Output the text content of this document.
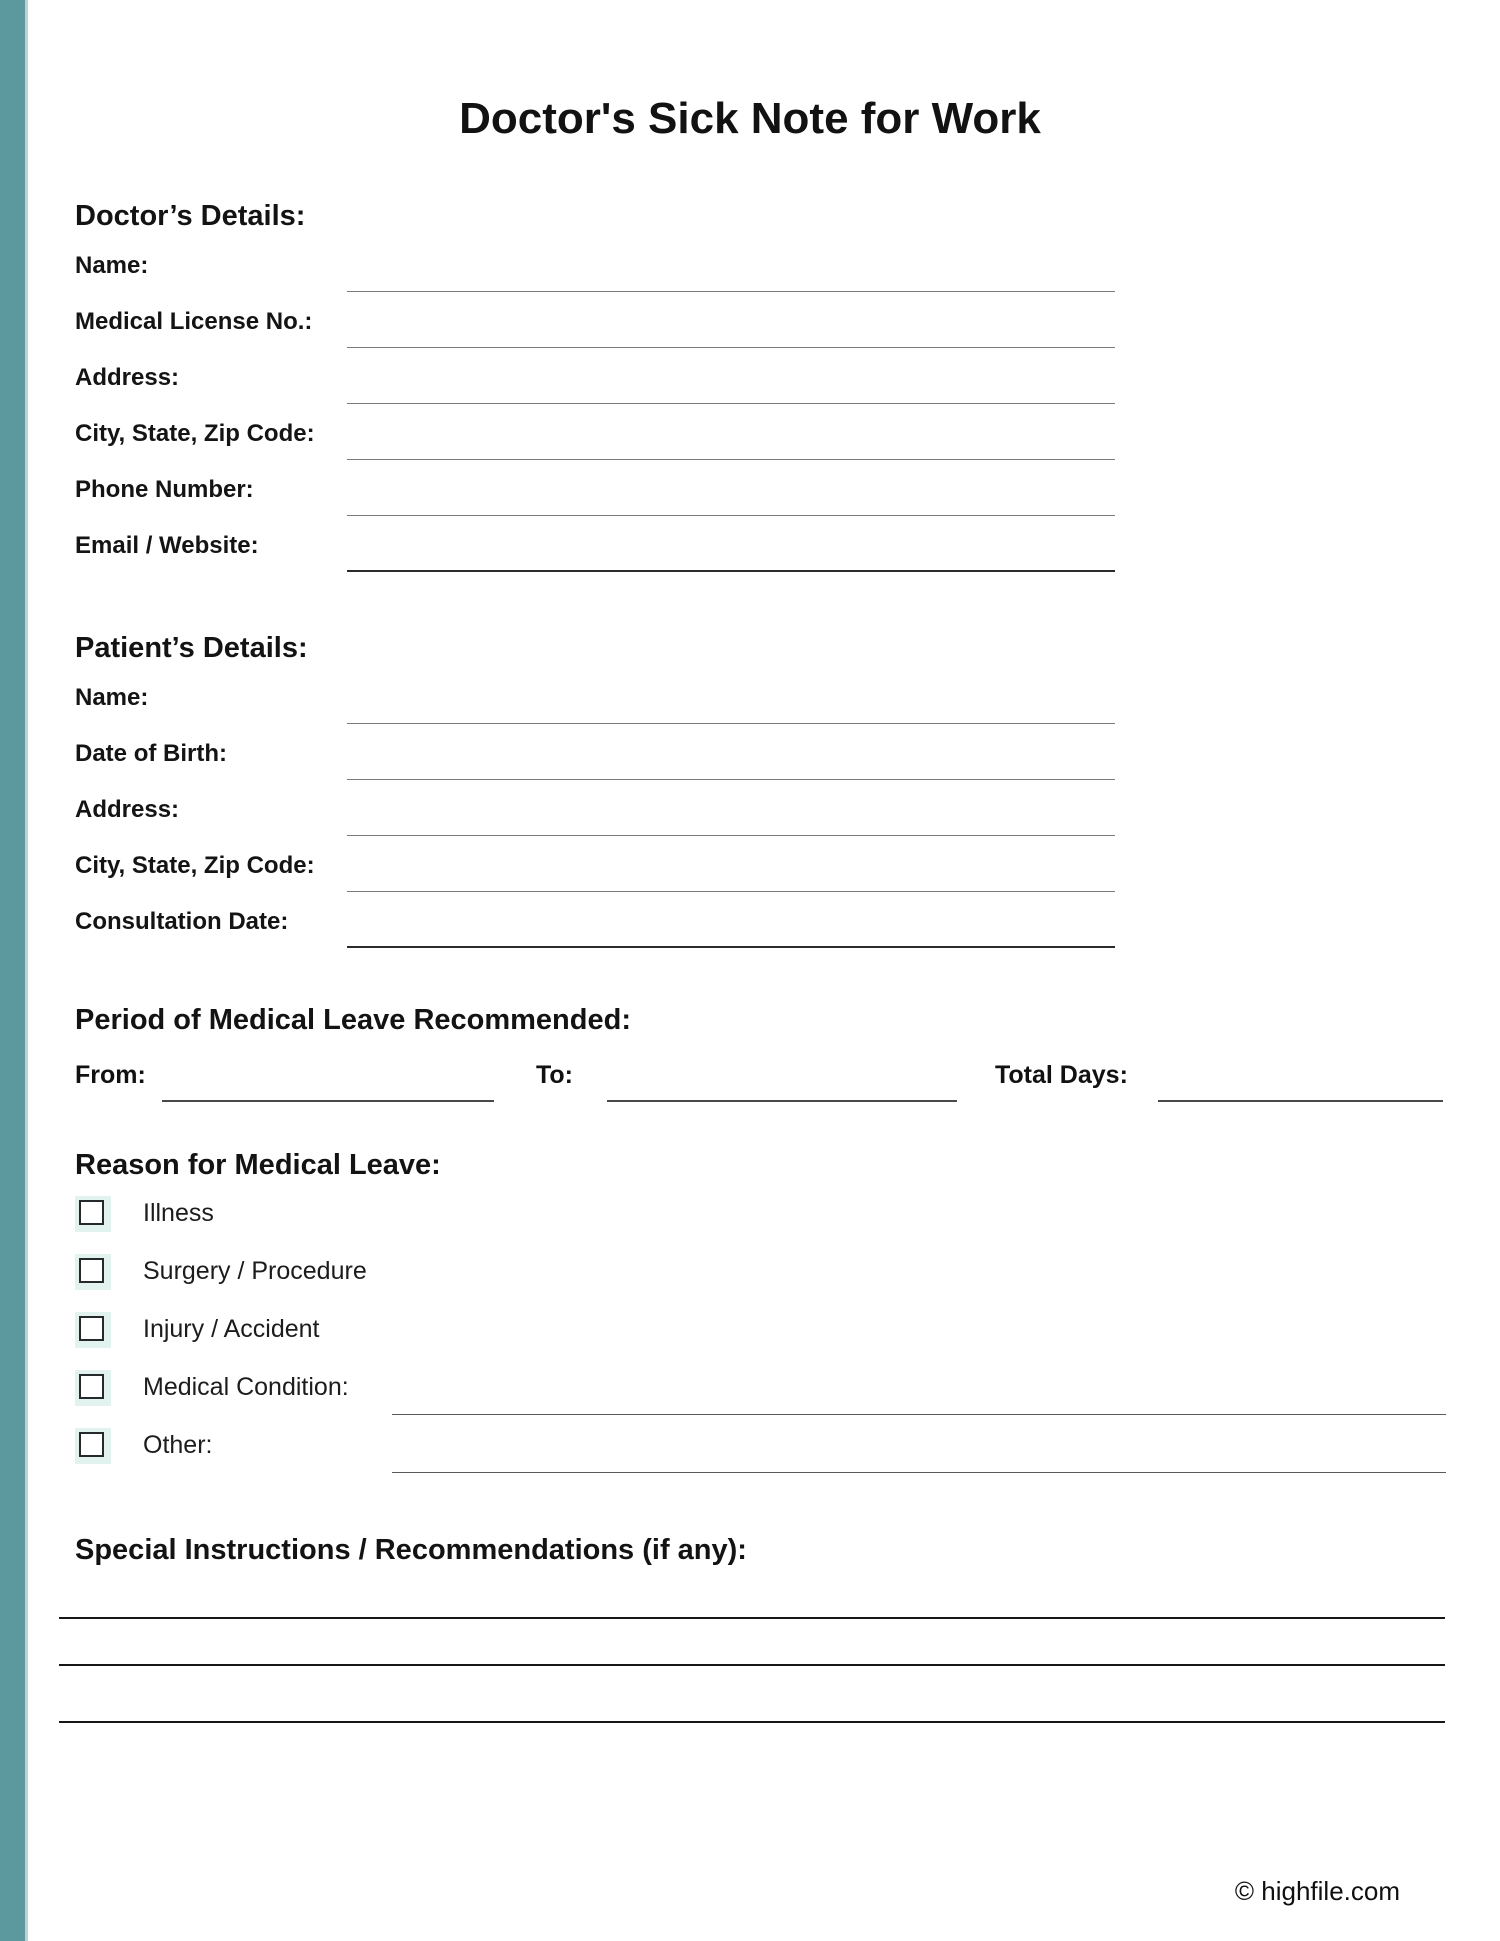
Doctor's Sick Note for Work
Doctor’s Details:
Name:
Medical License No.:
Address:
City, State, Zip Code:
Phone Number:
Email / Website:
Patient’s Details:
Name:
Date of Birth:
Address:
City, State, Zip Code:
Consultation Date:
Period of Medical Leave Recommended:
From:	To:	Total Days:
Reason for Medical Leave:
Illness
Surgery / Procedure
Injury / Accident
Medical Condition:
Other:
Special Instructions / Recommendations (if any):
© highfile.com
